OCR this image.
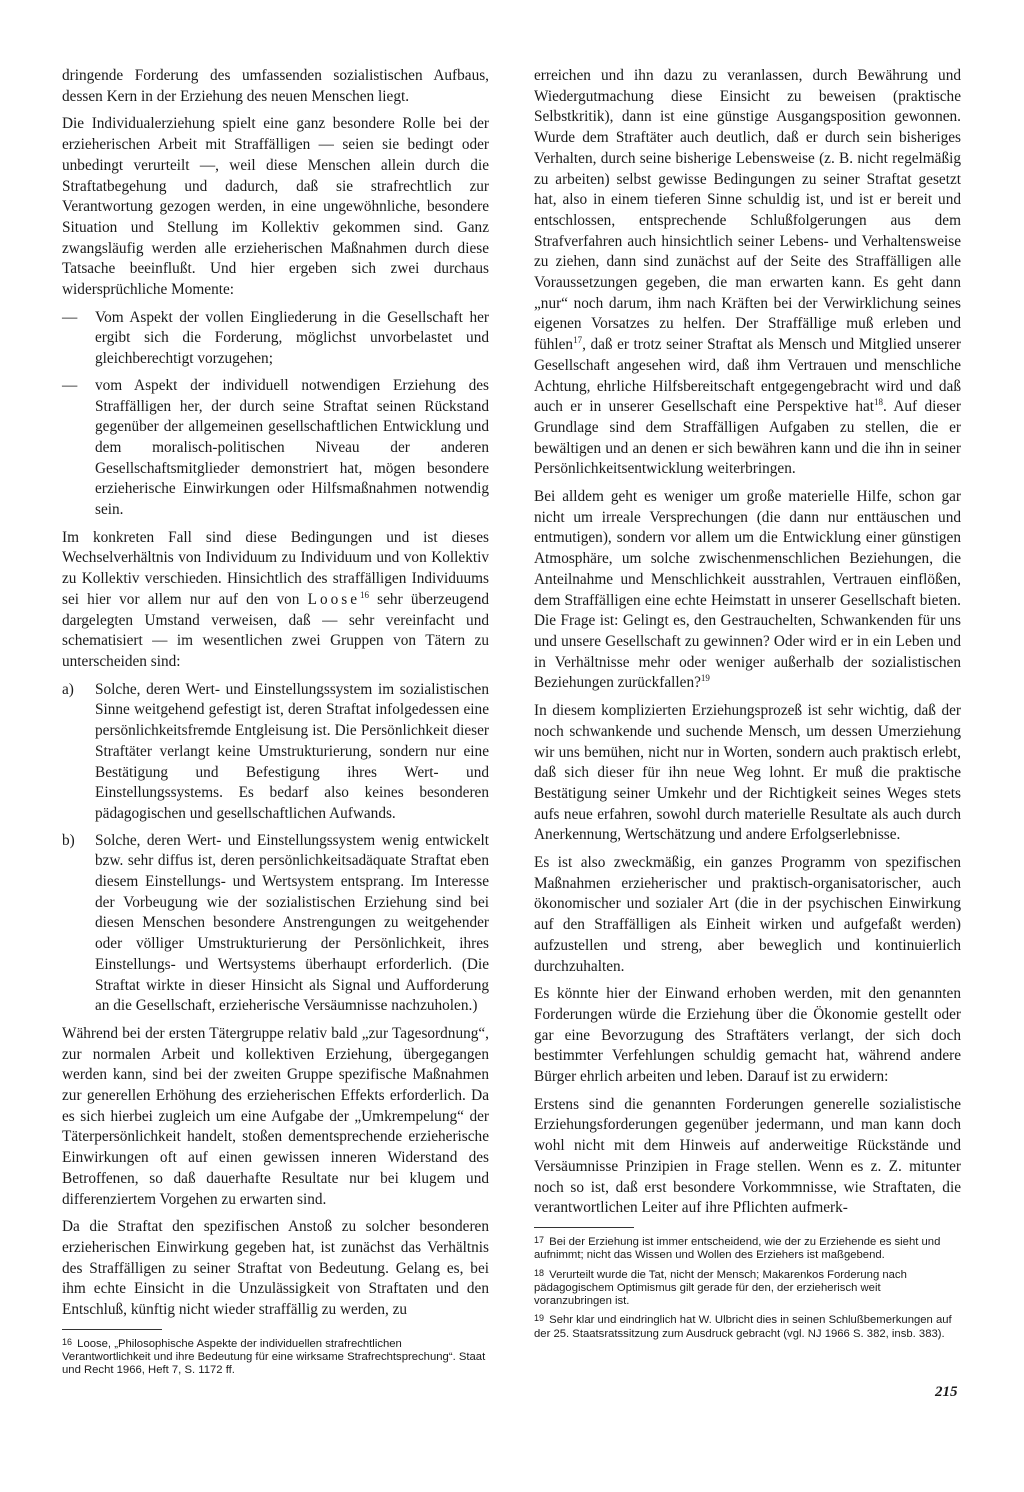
dringende Forderung des umfassenden sozialistischen Aufbaus, dessen Kern in der Erziehung des neuen Menschen liegt.

Die Individualerziehung spielt eine ganz besondere Rolle bei der erzieherischen Arbeit mit Straffälligen — seien sie bedingt oder unbedingt verurteilt —, weil diese Menschen allein durch die Straftatbegehung und dadurch, daß sie strafrechtlich zur Verantwortung gezogen werden, in eine ungewöhnliche, besondere Situation und Stellung im Kollektiv gekommen sind. Ganz zwangsläufig werden alle erzieherischen Maßnahmen durch diese Tatsache beeinflußt. Und hier ergeben sich zwei durchaus widersprüchliche Momente:

— Vom Aspekt der vollen Eingliederung in die Gesellschaft her ergibt sich die Forderung, möglichst unvorbelastet und gleichberechtigt vorzugehen;
— vom Aspekt der individuell notwendigen Erziehung des Straffälligen her, der durch seine Straftat seinen Rückstand gegenüber der allgemeinen gesellschaftlichen Entwicklung und dem moralisch-politischen Niveau der anderen Gesellschaftsmitglieder demonstriert hat, mögen besondere erzieherische Einwirkungen oder Hilfsmaßnahmen notwendig sein.

Im konkreten Fall sind diese Bedingungen und ist dieses Wechselverhältnis von Individuum zu Individuum und von Kollektiv zu Kollektiv verschieden. Hinsichtlich des straffälligen Individuums sei hier vor allem nur auf den von Loose$^{16}$ sehr überzeugend dargelegten Umstand verweisen, daß — sehr vereinfacht und schematisiert — im wesentlichen zwei Gruppen von Tätern zu unterscheiden sind:

a) Solche, deren Wert- und Einstellungssystem im sozialistischen Sinne weitgehend gefestigt ist, deren Straftat infolgedessen eine persönlichkeitsfremde Entgleisung ist. Die Persönlichkeit dieser Straftäter verlangt keine Umstrukturierung, sondern nur eine Bestätigung und Befestigung ihres Wert- und Einstellungssystems. Es bedarf also keines besonderen pädagogischen und gesellschaftlichen Aufwands.
b) Solche, deren Wert- und Einstellungssystem wenig entwickelt bzw. sehr diffus ist, deren persönlichkeitsadäquate Straftat eben diesem Einstellungs- und Wertsystem entsprang. Im Interesse der Vorbeugung wie der sozialistischen Erziehung sind bei diesen Menschen besondere Anstrengungen zu weitgehender oder völliger Umstrukturierung der Persönlichkeit, ihres Einstellungs- und Wertsystems überhaupt erforderlich. (Die Straftat wirkte in dieser Hinsicht als Signal und Aufforderung an die Gesellschaft, erzieherische Versäumnisse nachzuholen.)

Während bei der ersten Tätergruppe relativ bald „zur Tagesordnung“, zur normalen Arbeit und kollektiven Erziehung, übergegangen werden kann, sind bei der zweiten Gruppe spezifische Maßnahmen zur generellen Erhöhung des erzieherischen Effekts erforderlich. Da es sich hierbei zugleich um eine Aufgabe der „Umkrempelung“ der Täterpersönlichkeit handelt, stoßen dementsprechende erzieherische Einwirkungen oft auf einen gewissen inneren Widerstand des Betroffenen, so daß dauerhafte Resultate nur bei klugem und differenziertem Vorgehen zu erwarten sind.

Da die Straftat den spezifischen Anstoß zu solcher besonderen erzieherischen Einwirkung gegeben hat, ist zunächst das Verhältnis des Straffälligen zu seiner Straftat von Bedeutung. Gelang es, bei ihm echte Einsicht in die Unzulässigkeit von Straftaten und den Entschluß, künftig nicht wieder straffällig zu werden, zu

16 Loose, „Philosophische Aspekte der individuellen strafrechtlichen Verantwortlichkeit und ihre Bedeutung für eine wirksame Strafrechtsprechung“. Staat und Recht 1966, Heft 7, S. 1172 ff.

erreichen und ihn dazu zu veranlassen, durch Bewährung und Wiedergutmachung diese Einsicht zu beweisen (praktische Selbstkritik), dann ist eine günstige Ausgangsposition gewonnen. Wurde dem Straftäter auch deutlich, daß er durch sein bisheriges Verhalten, durch seine bisherige Lebensweise (z. B. nicht regelmäßig zu arbeiten) selbst gewisse Bedingungen zu seiner Straftat gesetzt hat, also in einem tieferen Sinne schuldig ist, und ist er bereit und entschlossen, entsprechende Schlußfolgerungen aus dem Strafverfahren auch hinsichtlich seiner Lebens- und Verhaltensweise zu ziehen, dann sind zunächst auf der Seite des Straffälligen alle Voraussetzungen gegeben, die man erwarten kann. Es geht dann „nur“ noch darum, ihm nach Kräften bei der Verwirklichung seines eigenen Vorsatzes zu helfen. Der Straffällige muß erleben und fühlen$^{17}$, daß er trotz seiner Straftat als Mensch und Mitglied unserer Gesellschaft angesehen wird, daß ihm Vertrauen und menschliche Achtung, ehrliche Hilfsbereitschaft entgegengebracht wird und daß auch er in unserer Gesellschaft eine Perspektive hat$^{18}$. Auf dieser Grundlage sind dem Straffälligen Aufgaben zu stellen, die er bewältigen und an denen er sich bewähren kann und die ihn in seiner Persönlichkeitsentwicklung weiterbringen.

Bei alldem geht es weniger um große materielle Hilfe, schon gar nicht um irreale Versprechungen (die dann nur enttäuschen und entmutigen), sondern vor allem um die Entwicklung einer günstigen Atmosphäre, um solche zwischenmenschlichen Beziehungen, die Anteilnahme und Menschlichkeit ausstrahlen, Vertrauen einflößen, dem Straffälligen eine echte Heimstatt in unserer Gesellschaft bieten. Die Frage ist: Gelingt es, den Gestrauchelten, Schwankenden für uns und unsere Gesellschaft zu gewinnen? Oder wird er in ein Leben und in Verhältnisse mehr oder weniger außerhalb der sozialistischen Beziehungen zurückfallen?$^{19}$

In diesem komplizierten Erziehungsprozeß ist sehr wichtig, daß der noch schwankende und suchende Mensch, um dessen Umerziehung wir uns bemühen, nicht nur in Worten, sondern auch praktisch erlebt, daß sich dieser für ihn neue Weg lohnt. Er muß die praktische Bestätigung seiner Umkehr und der Richtigkeit seines Weges stets aufs neue erfahren, sowohl durch materielle Resultate als auch durch Anerkennung, Wertschätzung und andere Erfolgserlebnisse.

Es ist also zweckmäßig, ein ganzes Programm von spezifischen Maßnahmen erzieherischer und praktisch-organisatorischer, auch ökonomischer und sozialer Art (die in der psychischen Einwirkung auf den Straffälligen als Einheit wirken und aufgefaßt werden) aufzustellen und streng, aber beweglich und kontinuierlich durchzuhalten.

Es könnte hier der Einwand erhoben werden, mit den genannten Forderungen würde die Erziehung über die Ökonomie gestellt oder gar eine Bevorzugung des Straftäters verlangt, der sich doch bestimmter Verfehlungen schuldig gemacht hat, während andere Bürger ehrlich arbeiten und leben. Darauf ist zu erwidern:

Erstens sind die genannten Forderungen generelle sozialistische Erziehungsforderungen gegenüber jedermann, und man kann doch wohl nicht mit dem Hinweis auf anderweitige Rückstände und Versäumnisse Prinzipien in Frage stellen. Wenn es z. Z. mitunter noch so ist, daß erst besondere Vorkommnisse, wie Straftaten, die verantwortlichen Leiter auf ihre Pflichten aufmerk-

17 Bei der Erziehung ist immer entscheidend, wie der zu Erziehende es sieht und aufnimmt; nicht das Wissen und Wollen des Erziehers ist maßgebend.

18 Verurteilt wurde die Tat, nicht der Mensch; Makarenkos Forderung nach pädagogischem Optimismus gilt gerade für den, der erzieherisch weit voranzubringen ist.

19 Sehr klar und eindringlich hat W. Ulbricht dies in seinen Schlußbemerkungen auf der 25. Staatsratssitzung zum Ausdruck gebracht (vgl. NJ 1966 S. 382, insb. 383).

215
